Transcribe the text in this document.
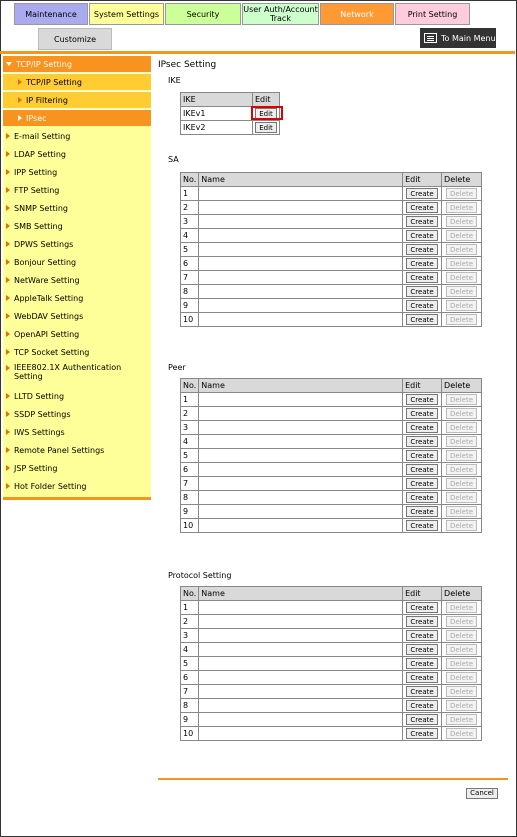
Maintenance System Settings	Security	User Auth/Account Track	Network	Print Setting
Customize	To Main Menu
TCP/IP Setting
TCP/IP Setting
IP Filtering
IPsec
E-mail Setting
LDAP Setting
IPP Setting
FTP Setting
SNMP Setting
SMB Setting
DPWS Settings
Bonjour Setting
NetWare Setting
AppleTalk Setting
WebDAV Settings
OpenAPI Setting
TCP Socket Setting
IEEE802.1X Authentication Setting
LLTD Setting
SSDP Settings
IWS Settings
Remote Panel Settings
JSP Setting
Hot Folder Setting
IPsec Setting
IKE
IKE	Edit
IKEv1	Edit
IKEv2	Edit
SA
No.	Name	Edit	Delete
1		Create	Delete
2		Create	Delete
3		Create	Delete
4		Create	Delete
5		Create	Delete
6		Create	Delete
7		Create	Delete
8		Create	Delete
9		Create	Delete
10		Create	Delete
Peer
No.	Name	Edit	Delete
1		Create	Delete
2		Create	Delete
3		Create	Delete
4		Create	Delete
5		Create	Delete
6		Create	Delete
7		Create	Delete
8		Create	Delete
9		Create	Delete
10		Create	Delete
Protocol Setting
No.	Name	Edit	Delete
1		Create	Delete
2		Create	Delete
3		Create	Delete
4		Create	Delete
5		Create	Delete
6		Create	Delete
7		Create	Delete
8		Create	Delete
9		Create	Delete
10		Create	Delete
Cancel
